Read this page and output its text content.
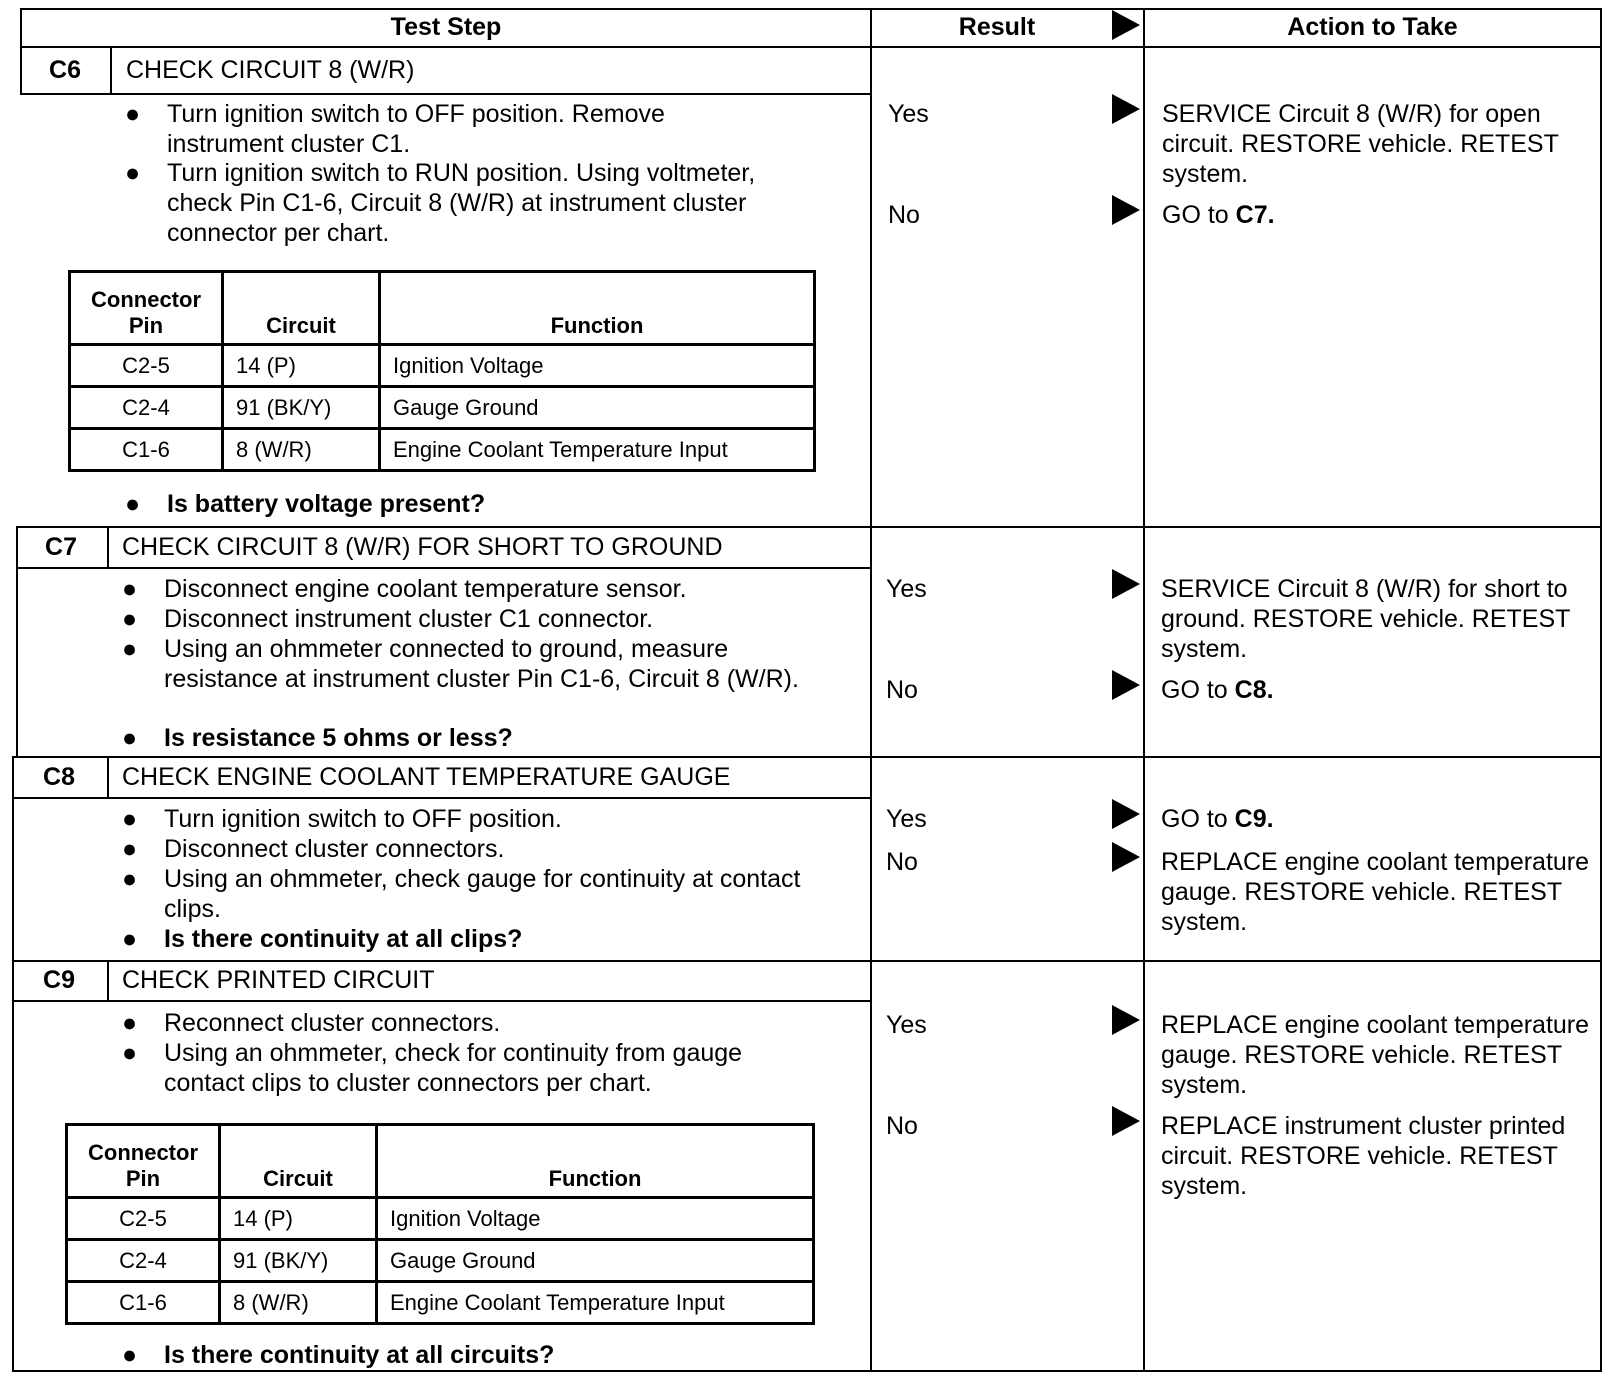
Test Step	Result	Action to Take
C6	CHECK CIRCUIT 8 (W/R)
● Turn ignition switch to OFF position. Remove instrument cluster C1.
● Turn ignition switch to RUN position. Using voltmeter, check Pin C1-6, Circuit 8 (W/R) at instrument cluster connector per chart.
Connector Pin	Circuit	Function
C2-5	14 (P)	Ignition Voltage
C2-4	91 (BK/Y)	Gauge Ground
C1-6	8 (W/R)	Engine Coolant Temperature Input
● Is battery voltage present?
Yes	SERVICE Circuit 8 (W/R) for open circuit. RESTORE vehicle. RETEST system.
No	GO to C7.
C7	CHECK CIRCUIT 8 (W/R) FOR SHORT TO GROUND
● Disconnect engine coolant temperature sensor.
● Disconnect instrument cluster C1 connector.
● Using an ohmmeter connected to ground, measure resistance at instrument cluster Pin C1-6, Circuit 8 (W/R).
● Is resistance 5 ohms or less?
Yes	SERVICE Circuit 8 (W/R) for short to ground. RESTORE vehicle. RETEST system.
No	GO to C8.
C8	CHECK ENGINE COOLANT TEMPERATURE GAUGE
● Turn ignition switch to OFF position.
● Disconnect cluster connectors.
● Using an ohmmeter, check gauge for continuity at contact clips.
● Is there continuity at all clips?
Yes	GO to C9.
No	REPLACE engine coolant temperature gauge. RESTORE vehicle. RETEST system.
C9	CHECK PRINTED CIRCUIT
● Reconnect cluster connectors.
● Using an ohmmeter, check for continuity from gauge contact clips to cluster connectors per chart.
Connector Pin	Circuit	Function
C2-5	14 (P)	Ignition Voltage
C2-4	91 (BK/Y)	Gauge Ground
C1-6	8 (W/R)	Engine Coolant Temperature Input
● Is there continuity at all circuits?
Yes	REPLACE engine coolant temperature gauge. RESTORE vehicle. RETEST system.
No	REPLACE instrument cluster printed circuit. RESTORE vehicle. RETEST system.
